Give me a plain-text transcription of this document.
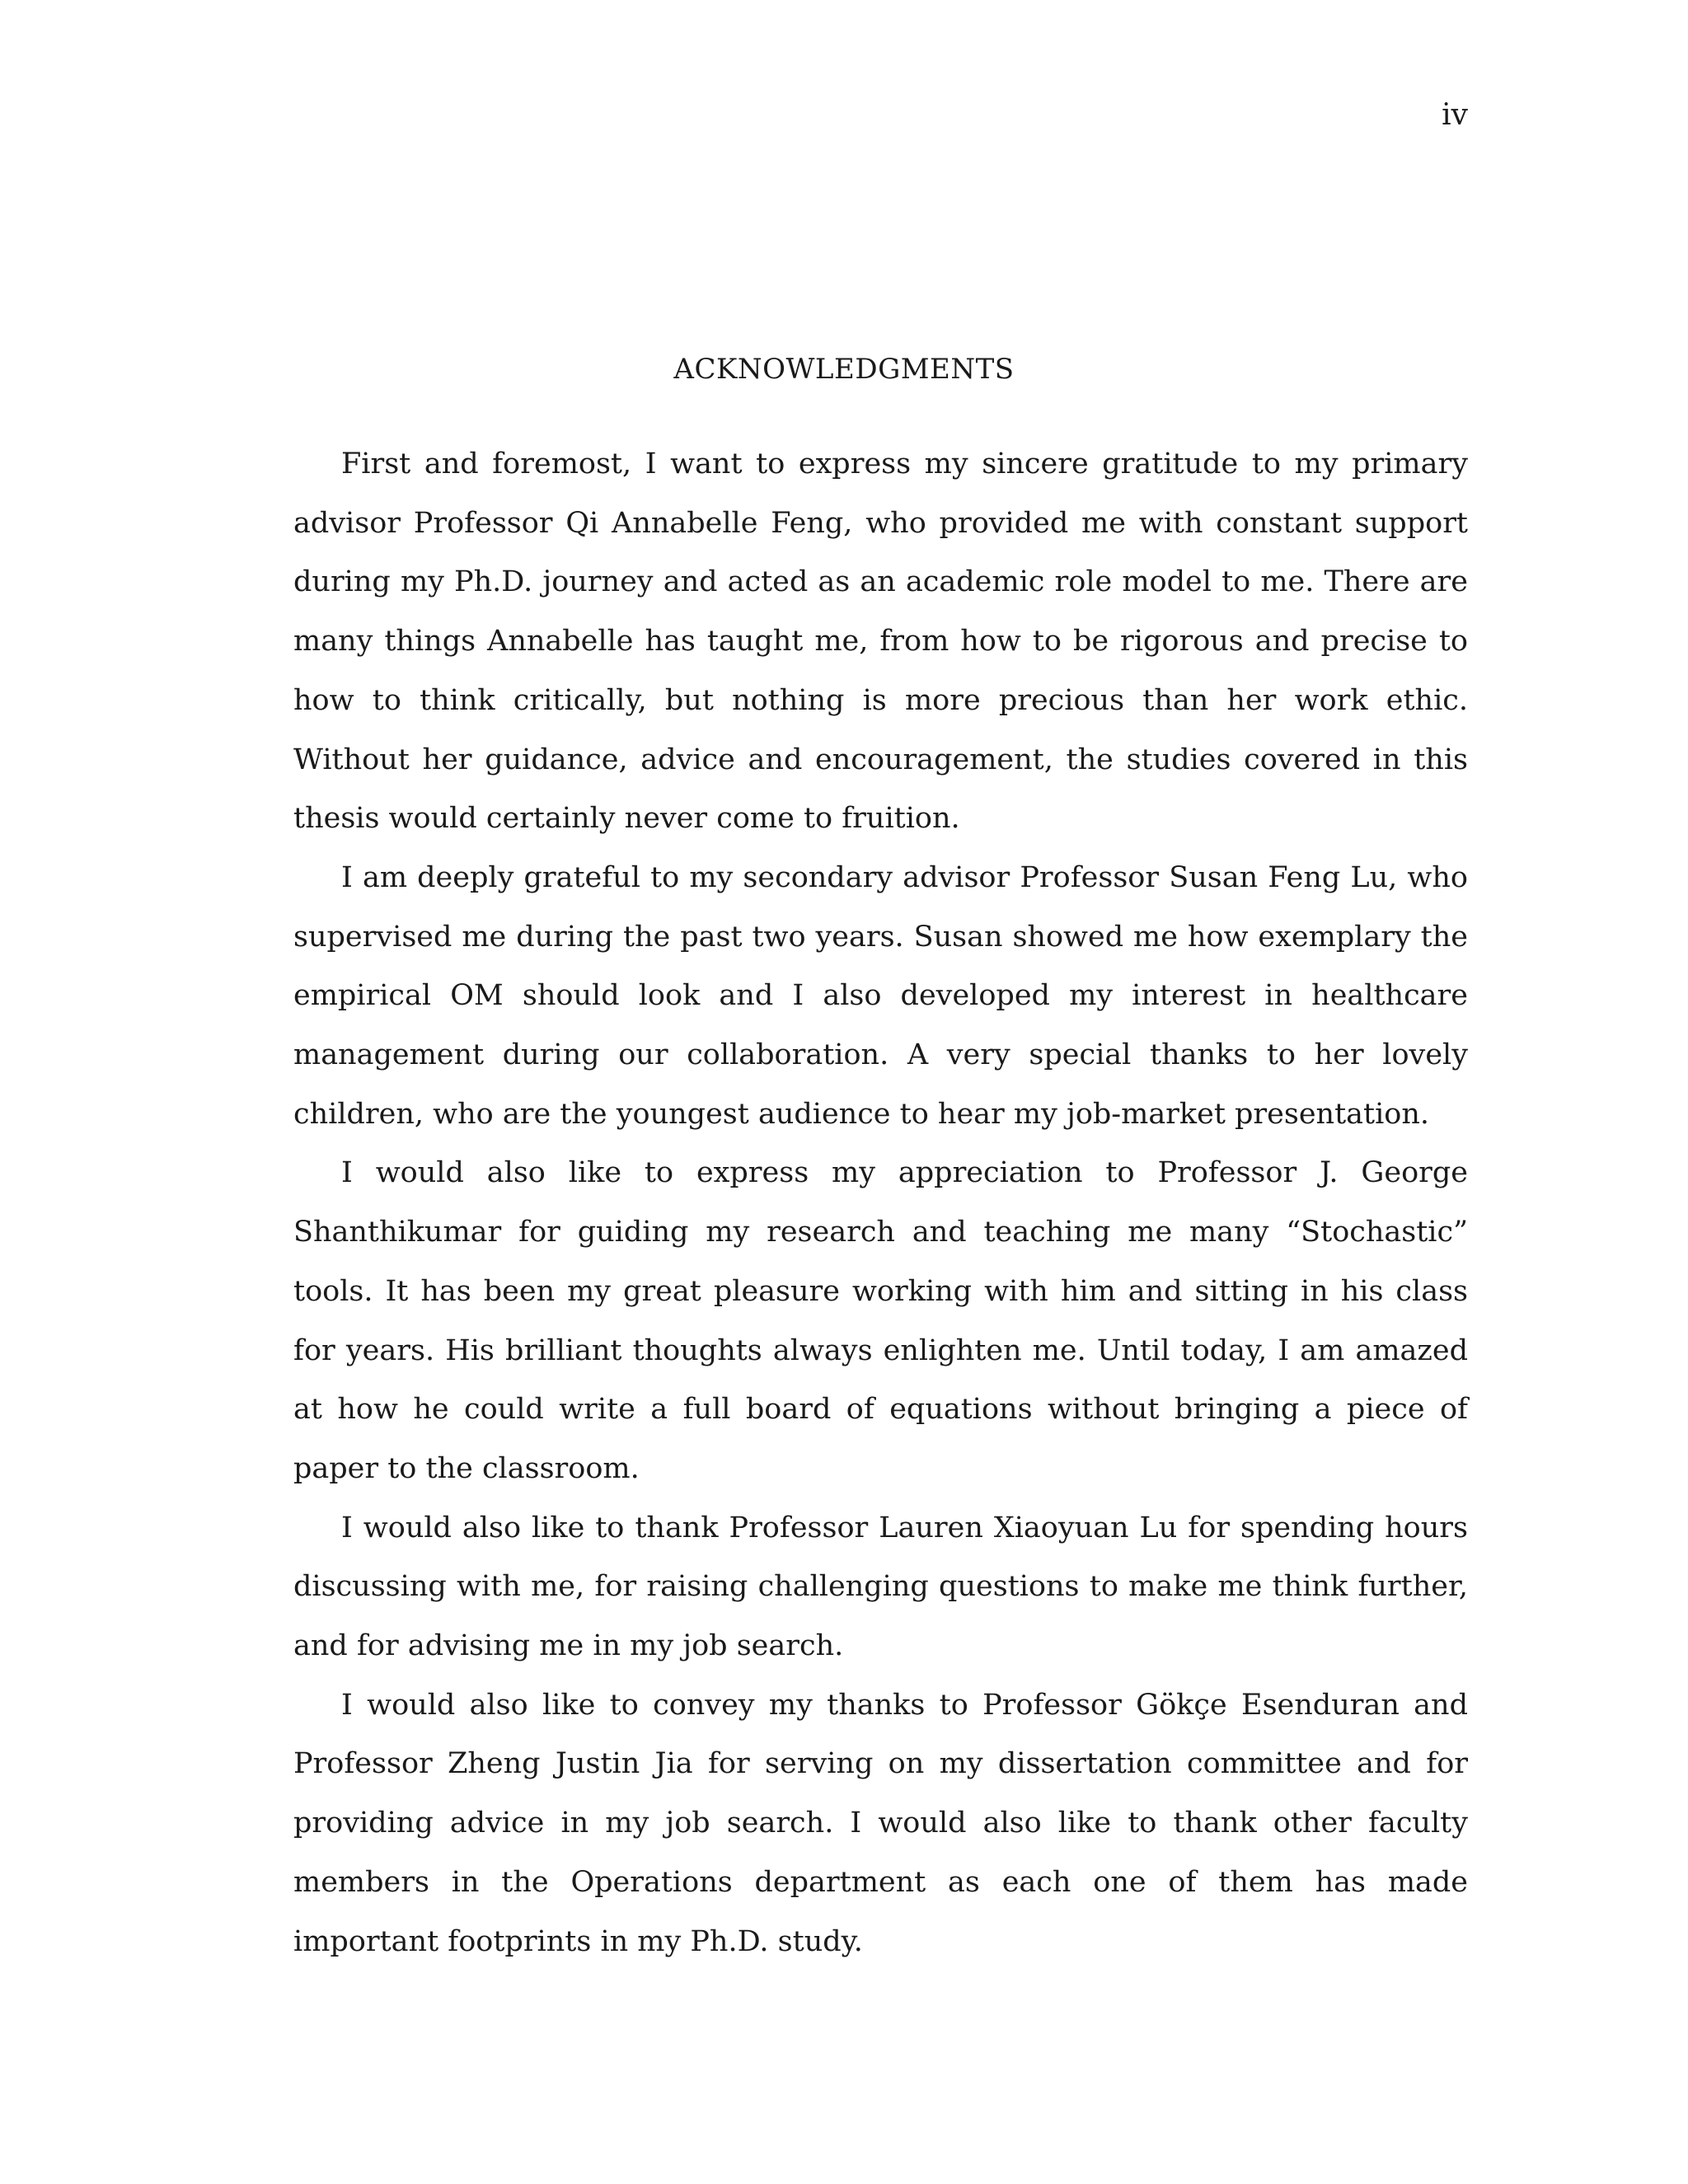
iv
ACKNOWLEDGMENTS

First and foremost, I want to express my sincere gratitude to my primary advisor Professor Qi Annabelle Feng, who provided me with constant support during my Ph.D. journey and acted as an academic role model to me. There are many things Annabelle has taught me, from how to be rigorous and precise to how to think critically, but nothing is more precious than her work ethic. Without her guidance, advice and encouragement, the studies covered in this thesis would certainly never come to fruition.

I am deeply grateful to my secondary advisor Professor Susan Feng Lu, who supervised me during the past two years. Susan showed me how exemplary the empirical OM should look and I also developed my interest in healthcare management during our collaboration. A very special thanks to her lovely children, who are the youngest audience to hear my job-market presentation.

I would also like to express my appreciation to Professor J. George Shanthikumar for guiding my research and teaching me many “Stochastic” tools. It has been my great pleasure working with him and sitting in his class for years. His brilliant thoughts always enlighten me. Until today, I am amazed at how he could write a full board of equations without bringing a piece of paper to the classroom.

I would also like to thank Professor Lauren Xiaoyuan Lu for spending hours discussing with me, for raising challenging questions to make me think further, and for advising me in my job search.

I would also like to convey my thanks to Professor Gökçe Esenduran and Professor Zheng Justin Jia for serving on my dissertation committee and for providing advice in my job search. I would also like to thank other faculty members in the Operations department as each one of them has made important footprints in my Ph.D. study.
